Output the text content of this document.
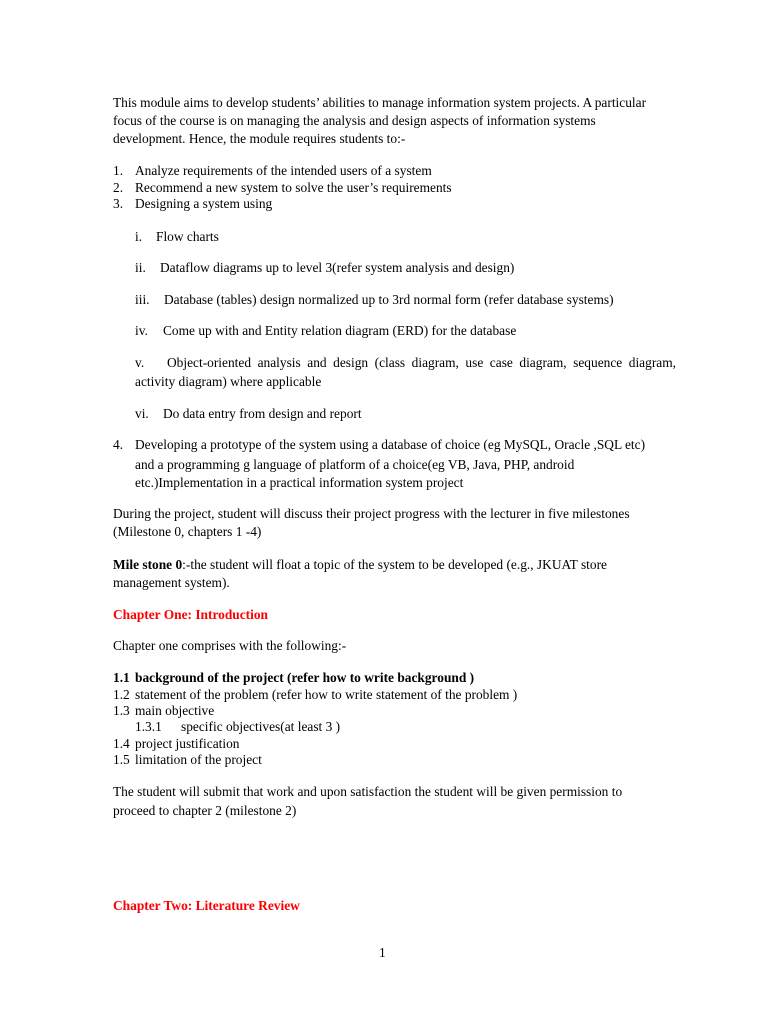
This module aims to develop students’ abilities to manage information system projects. A particular
focus of the course is on managing the analysis and design aspects of information systems
development. Hence, the module requires students to:-
1. Analyze requirements of the intended users of a system
2. Recommend a new system to solve the user’s requirements
3. Designing a system using
i. Flow charts
ii. Dataflow diagrams up to level 3(refer system analysis and design)
iii. Database (tables) design normalized up to 3rd normal form (refer database systems)
iv. Come up with and Entity relation diagram (ERD) for the database
v. Object-oriented analysis and design (class diagram, use case diagram, sequence diagram,
activity diagram) where applicable
vi. Do data entry from design and report
4. Developing a prototype of the system using a database of choice (eg MySQL, Oracle ,SQL etc)
and a programming g language of platform of a choice(eg VB, Java, PHP, android
etc.)Implementation in a practical information system project
During the project, student will discuss their project progress with the lecturer in five milestones
(Milestone 0, chapters 1 -4)
Mile stone 0:-the student will float a topic of the system to be developed (e.g., JKUAT store
management system).
Chapter One: Introduction
Chapter one comprises with the following:-
1.1 background of the project (refer how to write background )
1.2 statement of the problem (refer how to write statement of the problem )
1.3 main objective
1.3.1 specific objectives(at least 3 )
1.4 project justification
1.5 limitation of the project
The student will submit that work and upon satisfaction the student will be given permission to
proceed to chapter 2 (milestone 2)
Chapter Two: Literature Review
1
